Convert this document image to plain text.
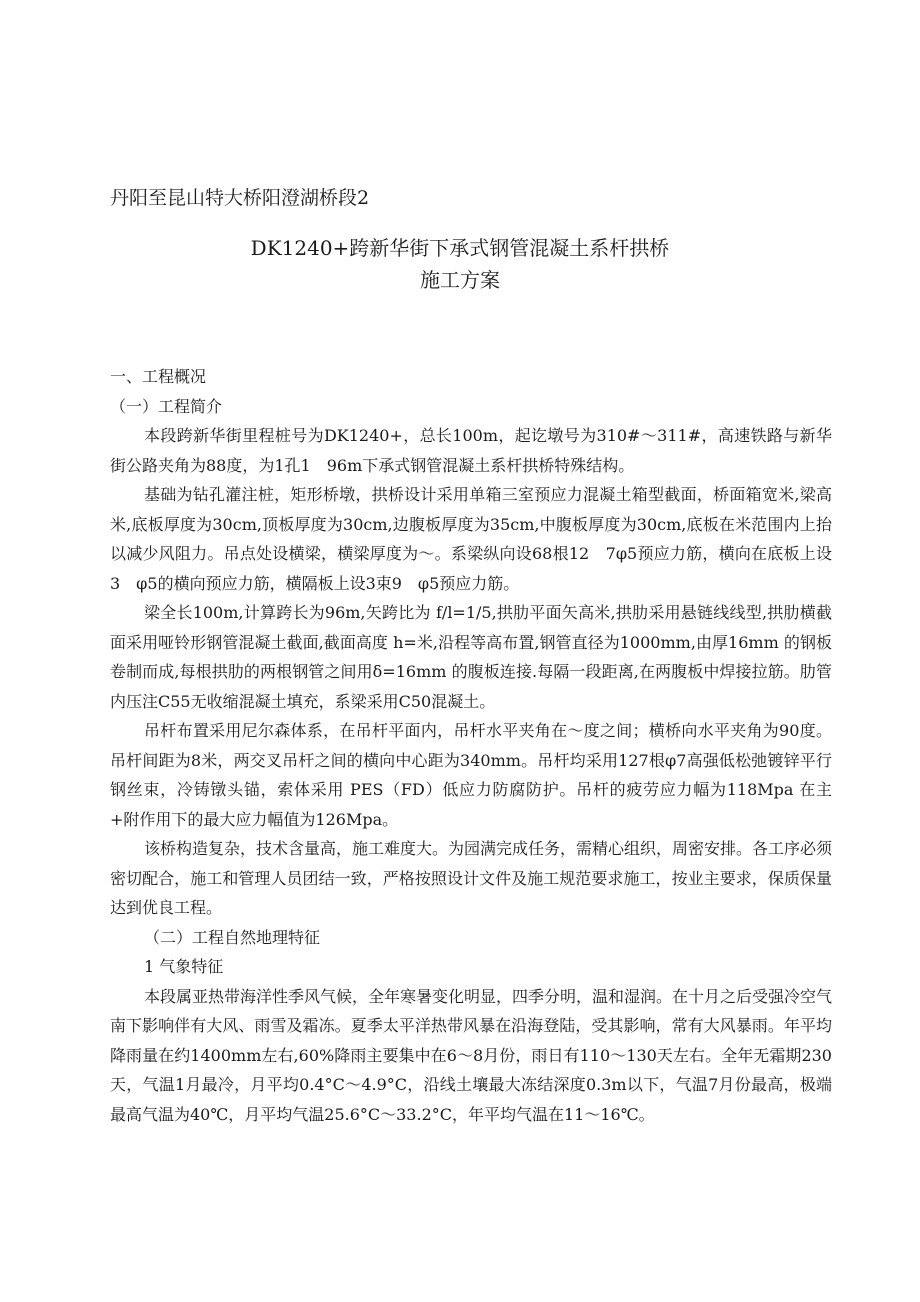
丹阳至昆山特大桥阳澄湖桥段2
DK1240+跨新华街下承式钢管混凝土系杆拱桥
施工方案

一、工程概况

（一）工程简介

本段跨新华街里程桩号为DK1240+，总长100m，起讫墩号为310#～311#，高速铁路与新华街公路夹角为88度，为1孔1　96m下承式钢管混凝土系杆拱桥特殊结构。

基础为钻孔灌注桩，矩形桥墩，拱桥设计采用单箱三室预应力混凝土箱型截面，桥面箱宽米,梁高米,底板厚度为30cm,顶板厚度为30cm,边腹板厚度为35cm,中腹板厚度为30cm,底板在米范围内上抬以减少风阻力。吊点处设横梁，横梁厚度为～。系梁纵向设68根12　7φ5预应力筋，横向在底板上设3　φ5的横向预应力筋，横隔板上设3束9　φ5预应力筋。

梁全长100m,计算跨长为96m,矢跨比为 f/l=1/5,拱肋平面矢高米,拱肋采用悬链线线型,拱肋横截面采用哑铃形钢管混凝土截面,截面高度 h=米,沿程等高布置,钢管直径为1000mm,由厚16mm 的钢板卷制而成,每根拱肋的两根钢管之间用δ=16mm 的腹板连接.每隔一段距离,在两腹板中焊接拉筋。肋管内压注C55无收缩混凝土填充，系梁采用C50混凝土。

吊杆布置采用尼尔森体系，在吊杆平面内，吊杆水平夹角在～度之间；横桥向水平夹角为90度。吊杆间距为8米，两交叉吊杆之间的横向中心距为340mm。吊杆均采用127根φ7高强低松弛镀锌平行钢丝束，冷铸镦头锚，索体采用 PES（FD）低应力防腐防护。吊杆的疲劳应力幅为118Mpa 在主+附作用下的最大应力幅值为126Mpa。

该桥构造复杂，技术含量高，施工难度大。为园满完成任务，需精心组织，周密安排。各工序必须密切配合，施工和管理人员团结一致，严格按照设计文件及施工规范要求施工，按业主要求，保质保量达到优良工程。

（二）工程自然地理特征

1 气象特征

本段属亚热带海洋性季风气候，全年寒暑变化明显，四季分明，温和湿润。在十月之后受强冷空气南下影响伴有大风、雨雪及霜冻。夏季太平洋热带风暴在沿海登陆，受其影响，常有大风暴雨。年平均降雨量在约1400mm左右,60%降雨主要集中在6～8月份，雨日有110～130天左右。全年无霜期230天，气温1月最冷，月平均0.4°C～4.9°C，沿线土壤最大冻结深度0.3m以下，气温7月份最高，极端最高气温为40℃，月平均气温25.6°C～33.2°C，年平均气温在11～16℃。
